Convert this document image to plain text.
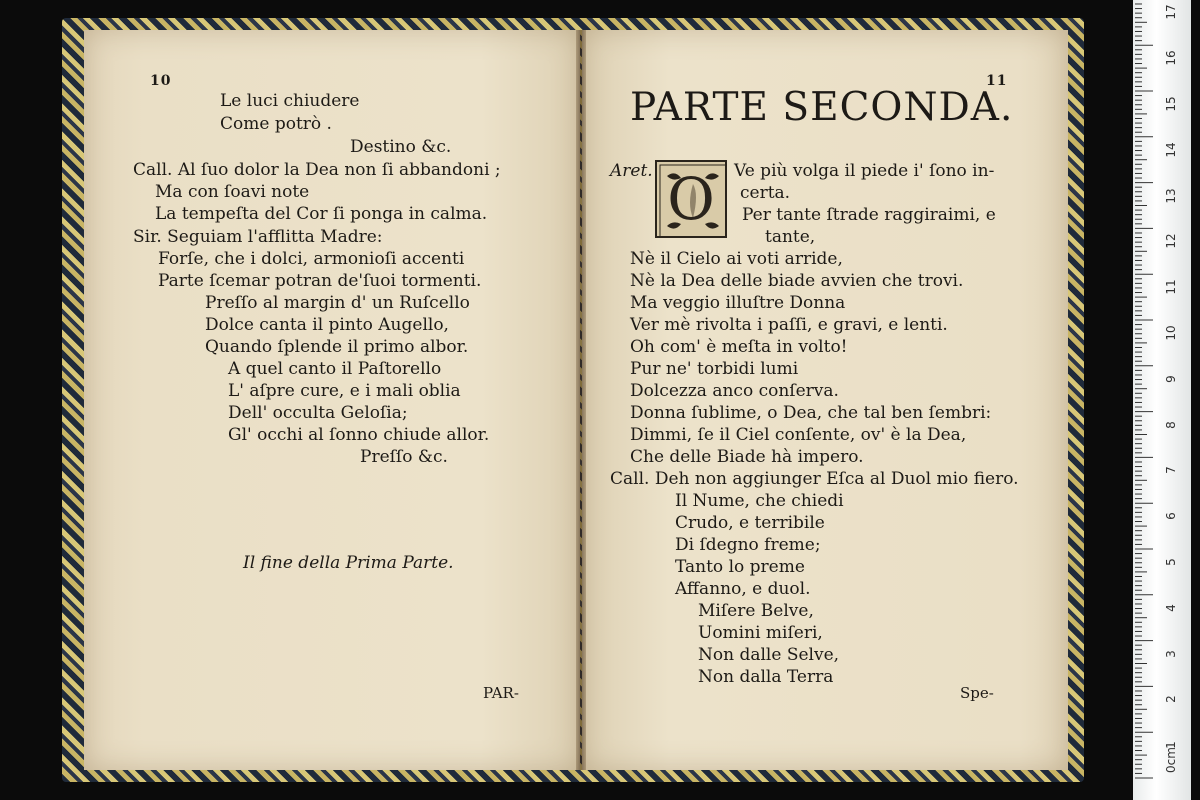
10
Le luci chiudere
Come potrò .
Destino &c.
Call. Al ſuo dolor la Dea non ſi abbandoni ;
Ma con ſoavi note
La tempeſta del Cor ſi ponga in calma.
Sir. Seguiam l'afflitta Madre:
Forſe, che i dolci, armonioſi accenti
Parte ſcemar potran de'ſuoi tormenti.
Preſſo al margin d' un Ruſcello
Dolce canta il pinto Augello,
Quando ſplende il primo albor.
A quel canto il Paſtorello
L' aſpre cure, e i mali oblia
Dell' occulta Geloſia;
Gl' occhi al ſonno chiude allor.
Preſſo &c.
Il fine della Prima Parte.
PAR-
11
PARTE SECONDA.
O
Aret.	Ve più volga il piede i' ſono in-
certa.
Per tante ſtrade raggiraimi, e
tante,
Nè il Cielo ai voti arride,
Nè la Dea delle biade avvien che trovi.
Ma veggio illuſtre Donna
Ver mè rivolta i paſſi, e gravi, e lenti.
Oh com' è meſta in volto!
Pur ne' torbidi lumi
Dolcezza anco conſerva.
Donna ſublime, o Dea, che tal ben ſembri:
Dimmi, ſe il Ciel conſente, ov' è la Dea,
Che delle Biade hà impero.
Call. Deh non aggiunger Eſca al Duol mio fiero.
Il Nume, che chiedi
Crudo, e terribile
Di ſdegno freme;
Tanto lo preme
Affanno, e duol.
Miſere Belve,
Uomini miſeri,
Non dalle Selve,
Non dalla Terra
Spe-
0cm
1
2
3
4
5
6
7
8
9
10
11
12
13
14
15
16
17
